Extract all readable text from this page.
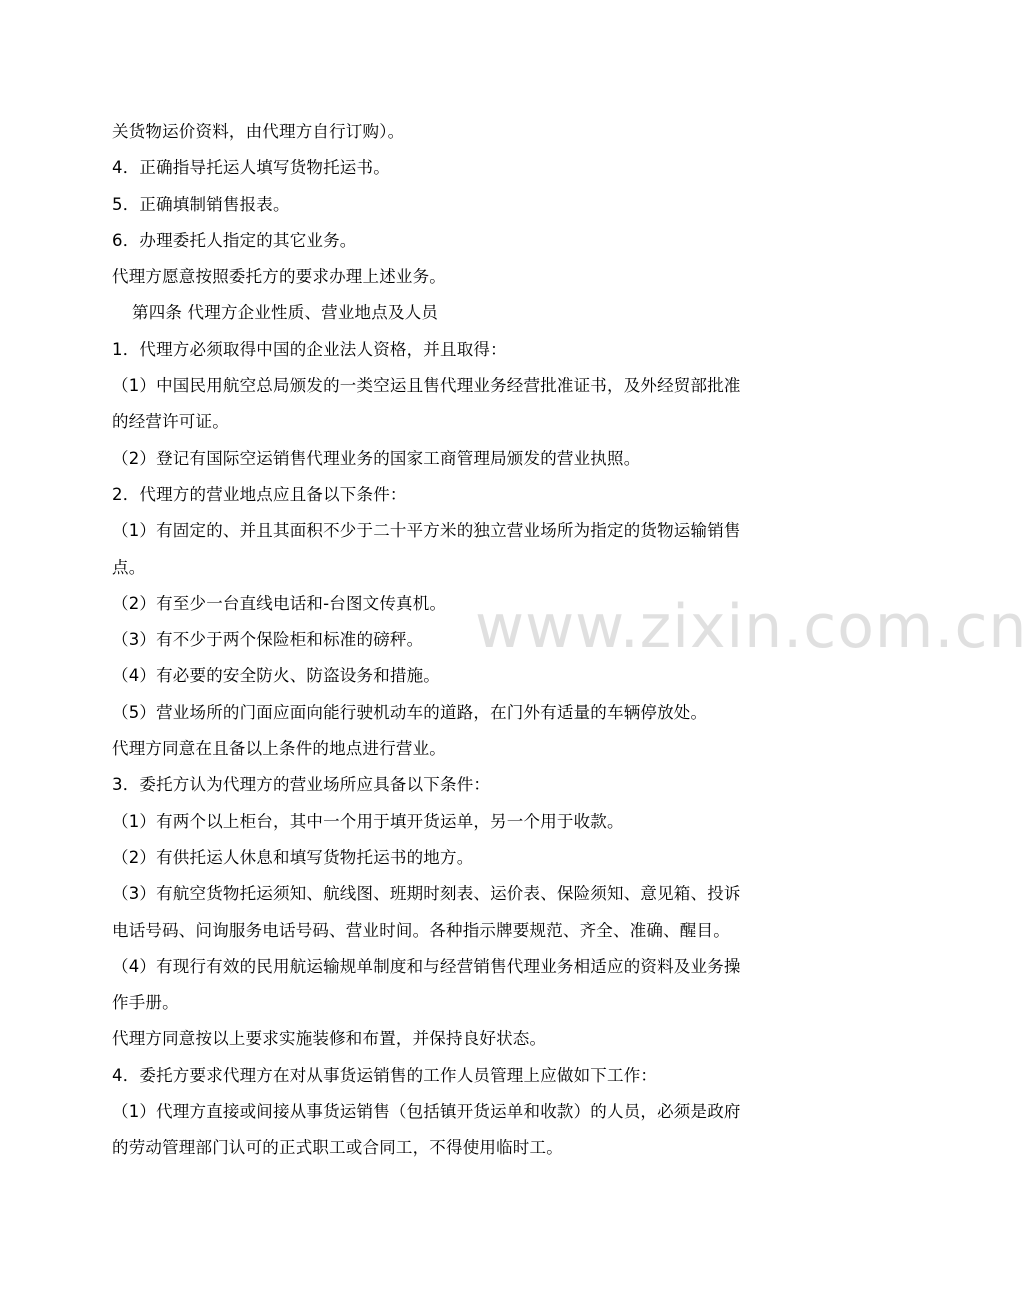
www.zixin.com.cn
关货物运价资料，由代理方自行订购）。
4．正确指导托运人填写货物托运书。
5．正确填制销售报表。
6．办理委托人指定的其它业务。
代理方愿意按照委托方的要求办理上述业务。
第四条 代理方企业性质、营业地点及人员
1．代理方必须取得中国的企业法人资格，并且取得：
（1）中国民用航空总局颁发的一类空运且售代理业务经营批准证书，及外经贸部批准
的经营许可证。
（2）登记有国际空运销售代理业务的国家工商管理局颁发的营业执照。
2．代理方的营业地点应且备以下条件：
（1）有固定的、并且其面积不少于二十平方米的独立营业场所为指定的货物运输销售
点。
（2）有至少一台直线电话和-台图文传真机。
（3）有不少于两个保险柜和标准的磅秤。
（4）有必要的安全防火、防盗设务和措施。
（5）营业场所的门面应面向能行驶机动车的道路，在门外有适量的车辆停放处。
代理方同意在且备以上条件的地点进行营业。
3．委托方认为代理方的营业场所应具备以下条件：
（1）有两个以上柜台，其中一个用于填开货运单，另一个用于收款。
（2）有供托运人休息和填写货物托运书的地方。
（3）有航空货物托运须知、航线图、班期时刻表、运价表、保险须知、意见箱、投诉
电话号码、问询服务电话号码、营业时间。各种指示牌要规范、齐全、准确、醒目。
（4）有现行有效的民用航运输规单制度和与经营销售代理业务相适应的资料及业务操
作手册。
代理方同意按以上要求实施装修和布置，并保持良好状态。
4．委托方要求代理方在对从事货运销售的工作人员管理上应做如下工作：
（1）代理方直接或间接从事货运销售（包括镇开货运单和收款）的人员，必须是政府
的劳动管理部门认可的正式职工或合同工，不得使用临时工。
